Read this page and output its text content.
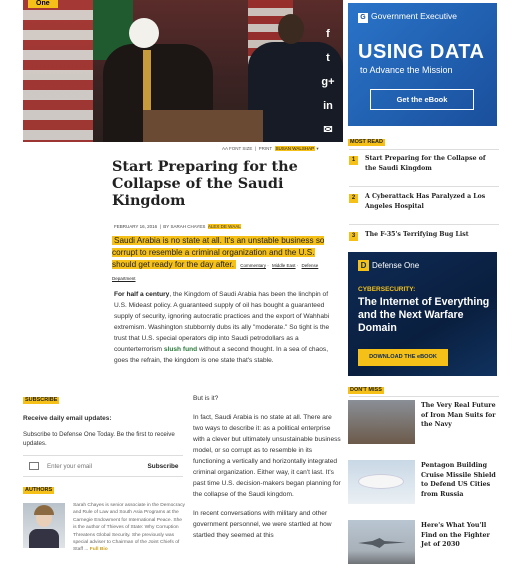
One
f
t
g+
in
✉
AA FONT SIZE  |  PRINT SUSAN WALSHAP ▾
Start Preparing for the Collapse of the Saudi Kingdom
FEBRUARY 16, 2016  |  BY SARAH CHAYES ALEX DE WAAL
Saudi Arabia is no state at all. It's an unstable business so corrupt to resemble a criminal organization and the U.S. should get ready for the day after. Commentary · Middle East · Defense Department
For half a century, the Kingdom of Saudi Arabia has been the linchpin of U.S. Mideast policy. A guaranteed supply of oil has bought a guaranteed supply of security, ignoring autocratic practices and the export of Wahhabi extremism. Washington stubbornly dubs its ally "moderate." So tight is the trust that U.S. special operators dip into Saudi petrodollars as a counterterrorism slush fund without a second thought. In a sea of chaos, goes the refrain, the kingdom is one state that's stable.

But is it?

In fact, Saudi Arabia is no state at all. There are two ways to describe it: as a political enterprise with a clever but ultimately unsustainable business model, or so corrupt as to resemble in its functioning a vertically and horizontally integrated criminal organization. Either way, it can't last. It's past time U.S. decision-makers began planning for the collapse of the Saudi kingdom.

In recent conversations with military and other government personnel, we were startled at how startled they seemed at this

SUBSCRIBE
Receive daily email updates:
Subscribe to Defense One Today. Be the first to receive updates.
Enter your email
Subscribe
AUTHORS
Sarah Chayes is senior associate in the Democracy and Rule of Law and South Asia Programs at the Carnegie Endowment for International Peace. She is the author of Thieves of State: Why Corruption Threatens Global Security. She previously was special adviser to Chairman of the Joint Chiefs of Staff ... Full Bio
G Government Executive
USING DATA
to Advance the Mission
Get the eBook
MOST READ
1	Start Preparing for the Collapse of the Saudi Kingdom
2	A Cyberattack Has Paralyzed a Los Angeles Hospital
3	The F-35's Terrifying Bug List
D Defense One
CYBERSECURITY:
The Internet of Everything and the Next Warfare Domain
DOWNLOAD THE eBOOK
DON'T MISS
The Very Real Future of Iron Man Suits for the Navy
Pentagon Building Cruise Missile Shield to Defend US Cities from Russia
Here's What You'll Find on the Fighter Jet of 2030
